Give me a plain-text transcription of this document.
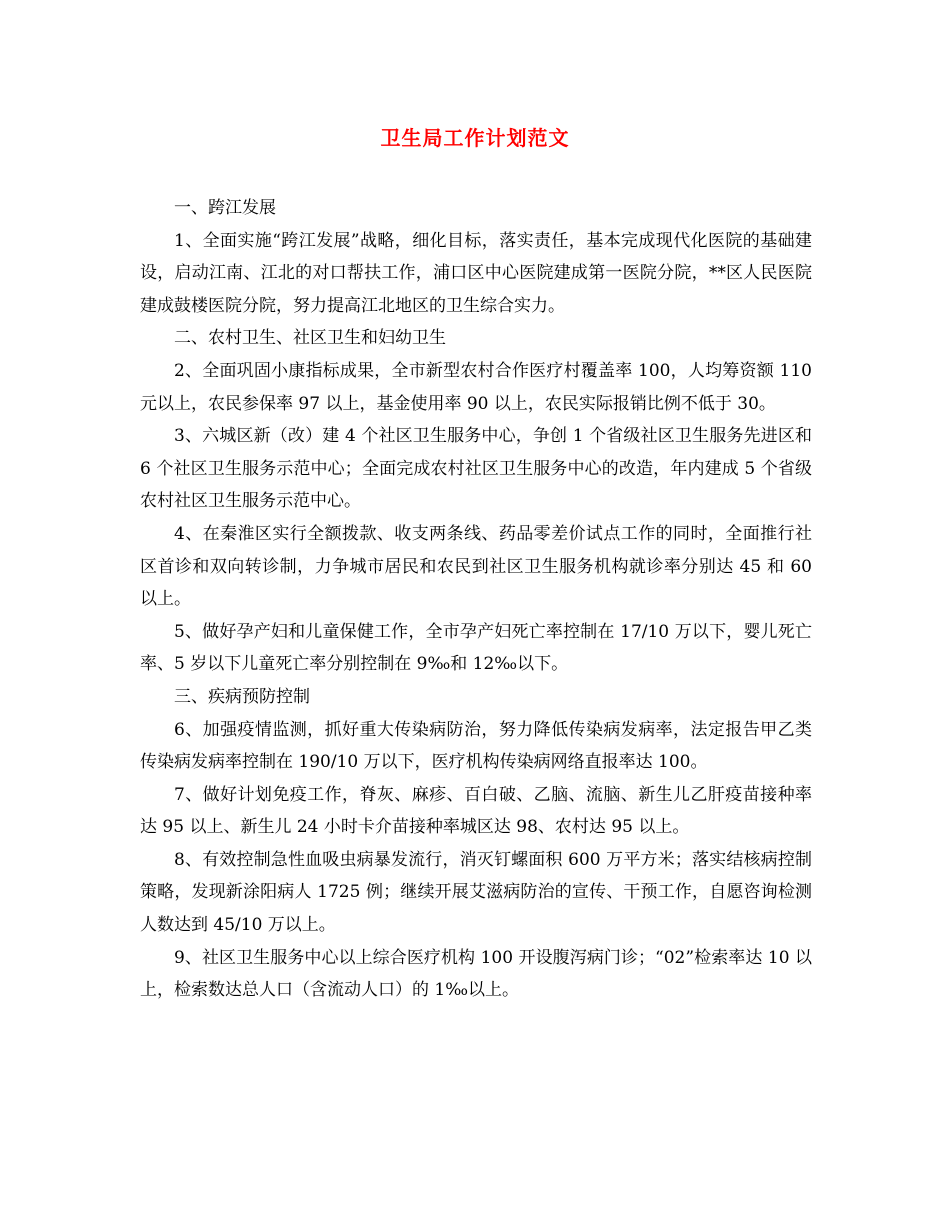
卫生局工作计划范文

一、跨江发展

1、全面实施“跨江发展”战略，细化目标，落实责任，基本完成现代化医院的基础建设，启动江南、江北的对口帮扶工作，浦口区中心医院建成第一医院分院，**区人民医院建成鼓楼医院分院，努力提高江北地区的卫生综合实力。

二、农村卫生、社区卫生和妇幼卫生

2、全面巩固小康指标成果，全市新型农村合作医疗村覆盖率 100，人均筹资额 110 元以上，农民参保率 97 以上，基金使用率 90 以上，农民实际报销比例不低于 30。

3、六城区新（改）建 4 个社区卫生服务中心，争创 1 个省级社区卫生服务先进区和 6 个社区卫生服务示范中心；全面完成农村社区卫生服务中心的改造，年内建成 5 个省级农村社区卫生服务示范中心。

4、在秦淮区实行全额拨款、收支两条线、药品零差价试点工作的同时，全面推行社区首诊和双向转诊制，力争城市居民和农民到社区卫生服务机构就诊率分别达 45 和 60 以上。

5、做好孕产妇和儿童保健工作，全市孕产妇死亡率控制在 17/10 万以下，婴儿死亡率、5 岁以下儿童死亡率分别控制在 9‰和 12‰以下。

三、疾病预防控制

6、加强疫情监测，抓好重大传染病防治，努力降低传染病发病率，法定报告甲乙类传染病发病率控制在 190/10 万以下，医疗机构传染病网络直报率达 100。

7、做好计划免疫工作，脊灰、麻疹、百白破、乙脑、流脑、新生儿乙肝疫苗接种率达 95 以上、新生儿 24 小时卡介苗接种率城区达 98、农村达 95 以上。

8、有效控制急性血吸虫病暴发流行，消灭钉螺面积 600 万平方米；落实结核病控制策略，发现新涂阳病人 1725 例；继续开展艾滋病防治的宣传、干预工作，自愿咨询检测人数达到 45/10 万以上。

9、社区卫生服务中心以上综合医疗机构 100 开设腹泻病门诊；“02”检索率达 10 以上，检索数达总人口（含流动人口）的 1‰以上。
